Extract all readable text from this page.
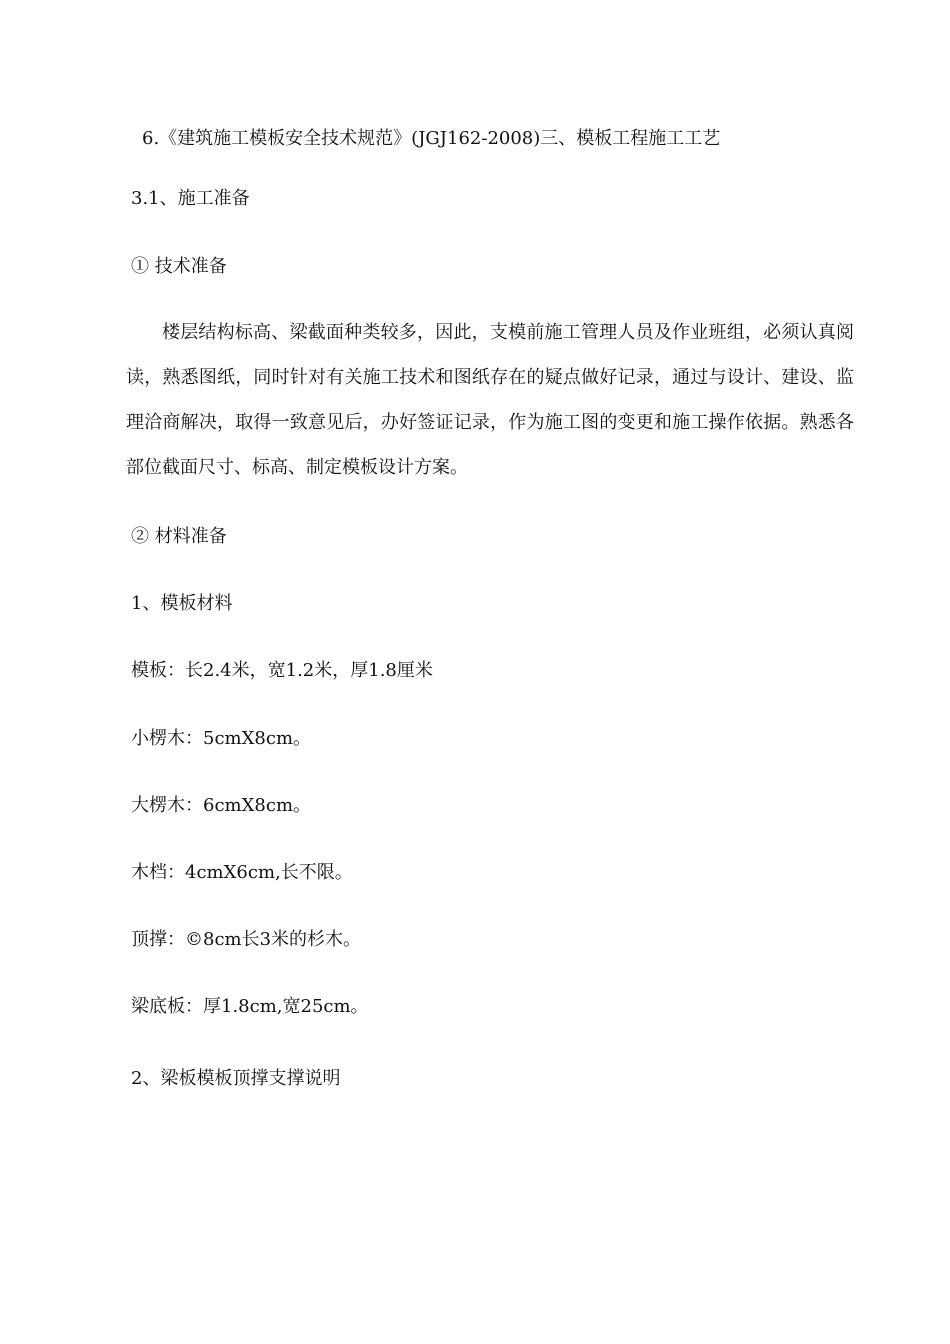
6.《建筑施工模板安全技术规范》(JGJ162-2008)三、模板工程施工工艺

3.1、施工准备

① 技术准备

楼层结构标高、梁截面种类较多，因此，支模前施工管理人员及作业班组，必须认真阅读，熟悉图纸，同时针对有关施工技术和图纸存在的疑点做好记录，通过与设计、建设、监理洽商解决，取得一致意见后，办好签证记录，作为施工图的变更和施工操作依据。熟悉各部位截面尺寸、标高、制定模板设计方案。

② 材料准备

1、模板材料

模板：长2.4米，宽1.2米，厚1.8厘米

小楞木：5cmX8cm。

大楞木：6cmX8cm。

木档：4cmX6cm,长不限。

顶撑：©8cm长3米的杉木。

梁底板：厚1.8cm,宽25cm。

2、梁板模板顶撑支撑说明
